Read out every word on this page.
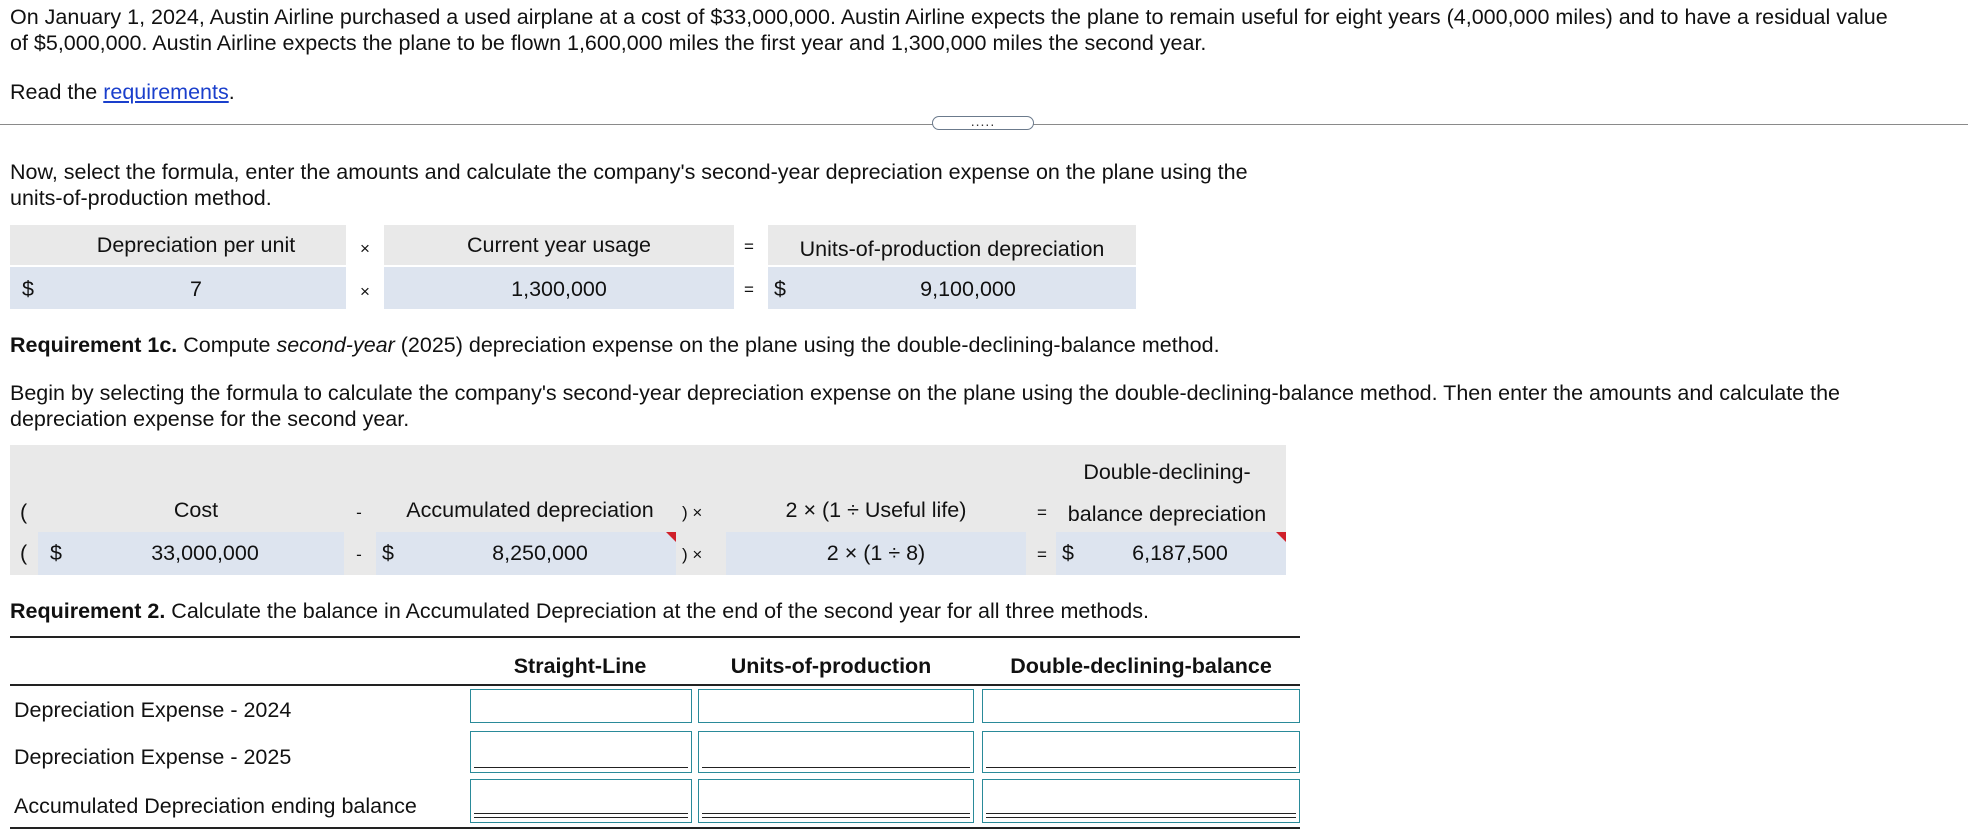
On January 1, 2024, Austin Airline purchased a used airplane at a cost of $33,000,000. Austin Airline expects the plane to remain useful for eight years (4,000,000 miles) and to have a residual value
of $5,000,000. Austin Airline expects the plane to be flown 1,600,000 miles the first year and 1,300,000 miles the second year.
Read the requirements.
.....
Now, select the formula, enter the amounts and calculate the company's second-year depreciation expense on the plane using the
units-of-production method.
Depreciation per unit	×	Current year usage	=	Units-of-production depreciation
$	7	×	1,300,000	= $	9,100,000
Requirement 1c. Compute second-year (2025) depreciation expense on the plane using the double-declining-balance method.
Begin by selecting the formula to calculate the company's second-year depreciation expense on the plane using the double-declining-balance method. Then enter the amounts and calculate the
depreciation expense for the second year.
(	Cost	-	Accumulated depreciation	) ×	2 × (1 ÷ Useful life)	=
Double-declining-
balance depreciation
( $	33,000,000	- $	8,250,000	) ×	2 × (1 ÷ 8)	= $	6,187,500
Requirement 2. Calculate the balance in Accumulated Depreciation at the end of the second year for all three methods.
Straight-Line	Units-of-production	Double-declining-balance
Depreciation Expense - 2024
Depreciation Expense - 2025
Accumulated Depreciation ending balance
